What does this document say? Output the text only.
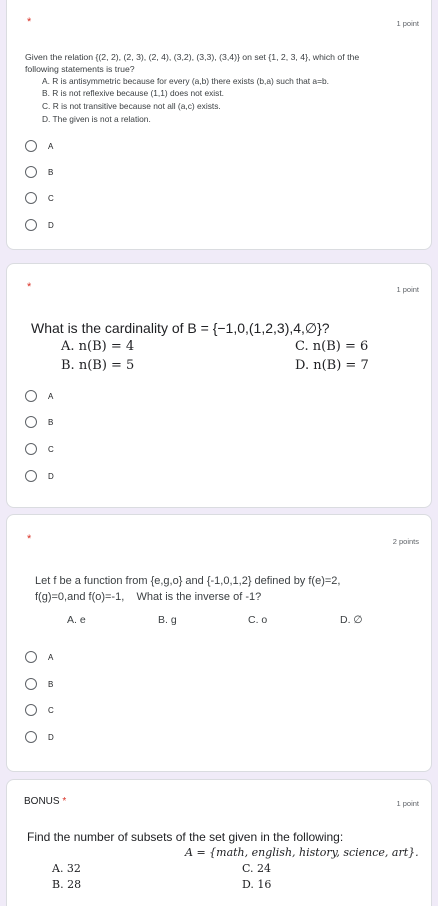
*	1 point
Given the relation {(2, 2), (2, 3), (2, 4), (3,2), (3,3), (3,4)} on set {1, 2, 3, 4}, which of the
following statements is true?
A. R is antisymmetric because for every (a,b) there exists (b,a) such that a=b.
B. R is not reflexive because (1,1) does not exist.
C. R is not transitive because not all (a,c) exists.
D. The given is not a relation.
A
B
C
D
*	1 point
What is the cardinality of B = {−1,0,(1,2,3),4,∅}?
A. n(B) = 4
B. n(B) = 5
C. n(B) = 6
D. n(B) = 7
A
B
C
D
*	2 points
Let f be a function from {e,g,o} and {-1,0,1,2} defined by f(e)=2,
f(g)=0,and f(o)=-1,    What is the inverse of -1?
A. e	B. g	C. o	D. ∅
A
B
C
D
BONUS *	1 point
Find the number of subsets of the set given in the following:
A = {math, english, history, science, art}.
A. 32
B. 28
C. 24
D. 16
